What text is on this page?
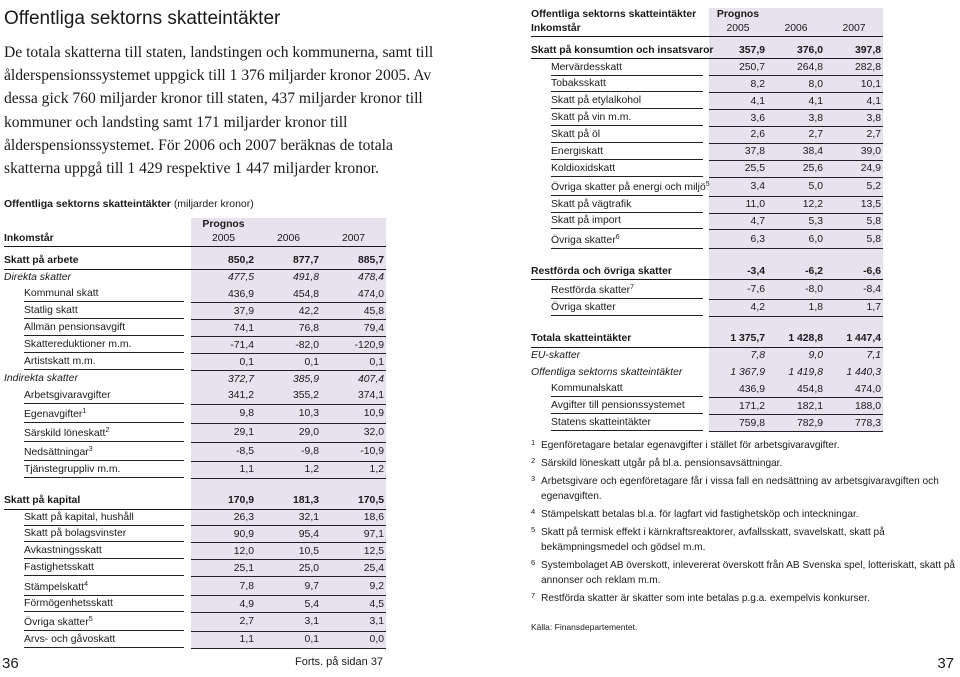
Offentliga sektorns skatteintäkter

De totala skatterna till staten, landstingen och kommunerna, samt till ålderspensionssystemet uppgick till 1 376 miljarder kronor 2005. Av dessa gick 760 miljarder kronor till staten, 437 miljarder kronor till kommuner och landsting samt 171 miljarder kronor till ålderspensionssystemet. För 2006 och 2007 beräknas de totala skatterna uppgå till 1 429 respektive 1 447 miljarder kronor.

Offentliga sektorns skatteintäkter (miljarder kronor)
	Prognos		
Inkomstår	2005	2006	2007

Skatt på arbete	850,2	877,7	885,7
Direkta skatter	477,5	491,8	478,4
Kommunal skatt	436,9	454,8	474,0
Statlig skatt	37,9	42,2	45,8
Allmän pensionsavgift	74,1	76,8	79,4
Skattereduktioner m.m.	-71,4	-82,0	-120,9
Artistskatt m.m.	0,1	0,1	0,1
Indirekta skatter	372,7	385,9	407,4
Arbetsgivaravgifter	341,2	355,2	374,1
Egenavgifter$^1$	9,8	10,3	10,9
Särskild löneskatt$^2$	29,1	29,0	32,0
Nedsättningar$^3$	-8,5	-9,8	-10,9
Tjänstegruppliv m.m.	1,1	1,2	1,2

Skatt på kapital	170,9	181,3	170,5
Skatt på kapital, hushåll	26,3	32,1	18,6
Skatt på bolagsvinster	90,9	95,4	97,1
Avkastningsskatt	12,0	10,5	12,5
Fastighetsskatt	25,1	25,0	25,4
Stämpelskatt$^4$	7,8	9,7	9,2
Förmögenhetsskatt	4,9	5,4	4,5
Övriga skatter$^5$	2,7	3,1	3,1
Arvs- och gåvoskatt	1,1	0,1	0,0
Offentliga sektorns skatteintäkter	Prognos		
Inkomstår	2005	2006	2007

Skatt på konsumtion och insatsvaror	357,9	376,0	397,8
Mervärdesskatt	250,7	264,8	282,8
Tobaksskatt	8,2	8,0	10,1
Skatt på etylalkohol	4,1	4,1	4,1
Skatt på vin m.m.	3,6	3,8	3,8
Skatt på öl	2,6	2,7	2,7
Energiskatt	37,8	38,4	39,0
Koldioxidskatt	25,5	25,6	24,9
Övriga skatter på energi och miljö$^5$	3,4	5,0	5,2
Skatt på vägtrafik	11,0	12,2	13,5
Skatt på import	4,7	5,3	5,8
Övriga skatter$^6$	6,3	6,0	5,8

Restförda och övriga skatter	-3,4	-6,2	-6,6
Restförda skatter$^7$	-7,6	-8,0	-8,4
Övriga skatter	4,2	1,8	1,7

Totala skatteintäkter	1 375,7	1 428,8	1 447,4
EU-skatter	7,8	9,0	7,1
Offentliga sektorns skatteintäkter	1 367,9	1 419,8	1 440,3
Kommunalskatt	436,9	454,8	474,0
Avgifter till pensionssystemet	171,2	182,1	188,0
Statens skatteintäkter	759,8	782,9	778,3
1 Egenföretagare betalar egenavgifter i stället för arbetsgivaravgifter.
2 Särskild löneskatt utgår på bl.a. pensionsavsättningar.
3 Arbetsgivare och egenföretagare får i vissa fall en nedsättning av arbetsgivaravgiften och egenavgiften.
4 Stämpelskatt betalas bl.a. för lagfart vid fastighetsköp och inteckningar.
5 Skatt på termisk effekt i kärnkraftsreaktorer, avfallsskatt, svavelskatt, skatt på bekämpningsmedel och gödsel m.m.
6 Systembolaget AB överskott, inlevererat överskott från AB Svenska spel, lotteriskatt, skatt på annonser och reklam m.m.
7 Restförda skatter är skatter som inte betalas p.g.a. exempelvis konkurser.
Källa: Finansdepartementet.
36	Forts. på sidan 37	37
